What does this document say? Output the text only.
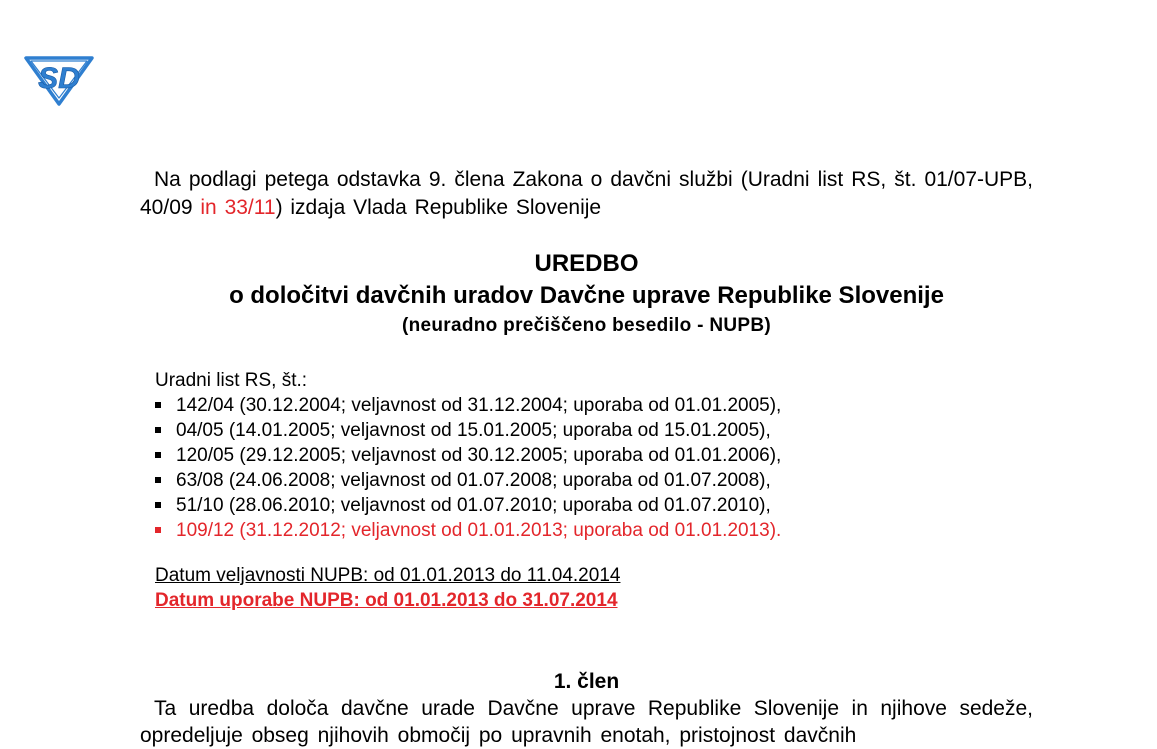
SD
Na podlagi petega odstavka 9. člena Zakona o davčni službi (Uradni list RS, št. 01/07-UPB, 40/09 in 33/11) izdaja Vlada Republike Slovenije
UREDBO
o določitvi davčnih uradov Davčne uprave Republike Slovenije
(neuradno prečiščeno besedilo - NUPB)
Uradni list RS, št.:
142/04 (30.12.2004; veljavnost od 31.12.2004; uporaba od 01.01.2005),
04/05 (14.01.2005; veljavnost od 15.01.2005; uporaba od 15.01.2005),
120/05 (29.12.2005; veljavnost od 30.12.2005; uporaba od 01.01.2006),
63/08 (24.06.2008; veljavnost od 01.07.2008; uporaba od 01.07.2008),
51/10 (28.06.2010; veljavnost od 01.07.2010; uporaba od 01.07.2010),
109/12 (31.12.2012; veljavnost od 01.01.2013; uporaba od 01.01.2013).
Datum veljavnosti NUPB: od 01.01.2013 do 11.04.2014
Datum uporabe NUPB: od 01.01.2013 do 31.07.2014
1. člen
Ta uredba določa davčne urade Davčne uprave Republike Slovenije in njihove sedeže, opredeljuje obseg njihovih območij po upravnih enotah, pristojnost davčnih
